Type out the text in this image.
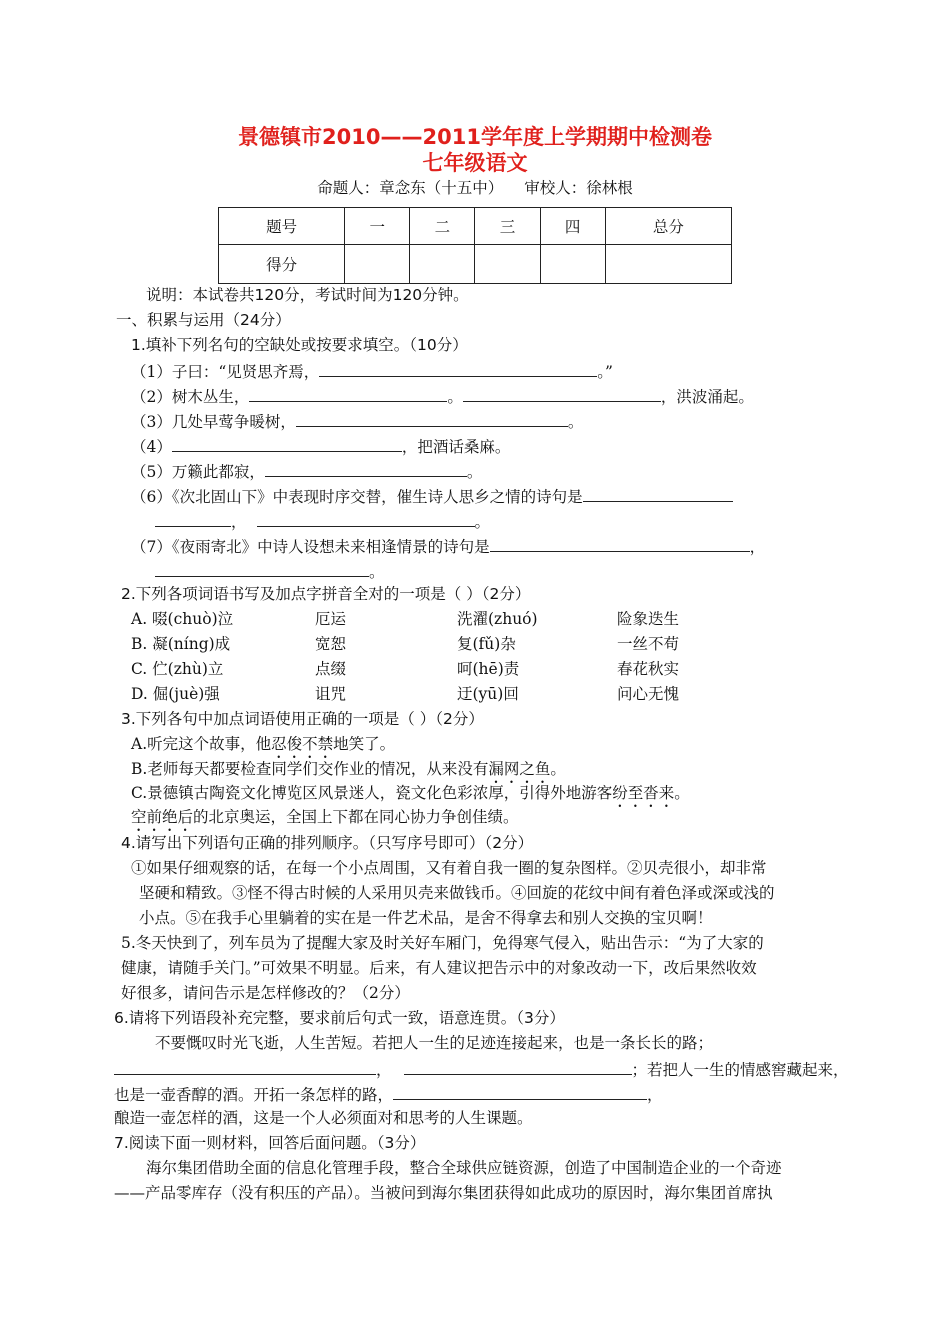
景德镇市2010——2011学年度上学期期中检测卷
七年级语文
命题人：章念东（十五中） 审校人：徐林根
题号	一	二	三	四	总分
得分					
说明：本试卷共120分，考试时间为120分钟。
一、积累与运用（24分）
1.填补下列名句的空缺处或按要求填空。（10分）
（1）子曰：“见贤思齐焉，	。”
（2）树木丛生，	。	，洪波涌起。
（3）几处早莺争暖树，	。
（4）	，把酒话桑麻。
（5）万籁此都寂，	。
（6）《次北固山下》中表现时序交替，催生诗人思乡之情的诗句是
，	。
（7）《夜雨寄北》中诗人设想未来相逢情景的诗句是	，
。
2.下列各项词语书写及加点字拼音全对的一项是（ ）（2分）
A. 啜(chuò)泣	厄运	洗濯(zhuó)	险象迭生
B. 凝(níng)成	宽恕	复(fǔ)杂	一丝不苟
C. 伫(zhù)立	点缀	呵(hē)责	春花秋实
D. 倔(juè)强	诅咒	迂(yū)回	问心无愧
3.下列各句中加点词语使用正确的一项是（ ）（2分）
A.听完这个故事，他忍俊不禁地笑了。
B.老师每天都要检查同学们交作业的情况，从来没有漏网之鱼。
C.景德镇古陶瓷文化博览区风景迷人，瓷文化色彩浓厚，引得外地游客纷至沓来。
空前绝后的北京奥运，全国上下都在同心协力争创佳绩。
4.请写出下列语句正确的排列顺序。（只写序号即可）（2分）
①如果仔细观察的话，在每一个小点周围，又有着自我一圈的复杂图样。②贝壳很小，却非常
坚硬和精致。③怪不得古时候的人采用贝壳来做钱币。④回旋的花纹中间有着色泽或深或浅的
小点。⑤在我手心里躺着的实在是一件艺术品，是舍不得拿去和别人交换的宝贝啊！
5.冬天快到了，列车员为了提醒大家及时关好车厢门，免得寒气侵入，贴出告示：“为了大家的
健康，请随手关门。”可效果不明显。后来，有人建议把告示中的对象改动一下，改后果然收效
好很多，请问告示是怎样修改的？（2分）
6.请将下列语段补充完整，要求前后句式一致，语意连贯。（3分）
不要慨叹时光飞逝，人生苦短。若把人一生的足迹连接起来，也是一条长长的路；
，	；若把人一生的情感窖藏起来，
也是一壶香醇的酒。开拓一条怎样的路，	，
酿造一壶怎样的酒，这是一个人必须面对和思考的人生课题。
7.阅读下面一则材料，回答后面问题。（3分）
海尔集团借助全面的信息化管理手段，整合全球供应链资源，创造了中国制造企业的一个奇迹
——产品零库存（没有积压的产品）。当被问到海尔集团获得如此成功的原因时，海尔集团首席执
